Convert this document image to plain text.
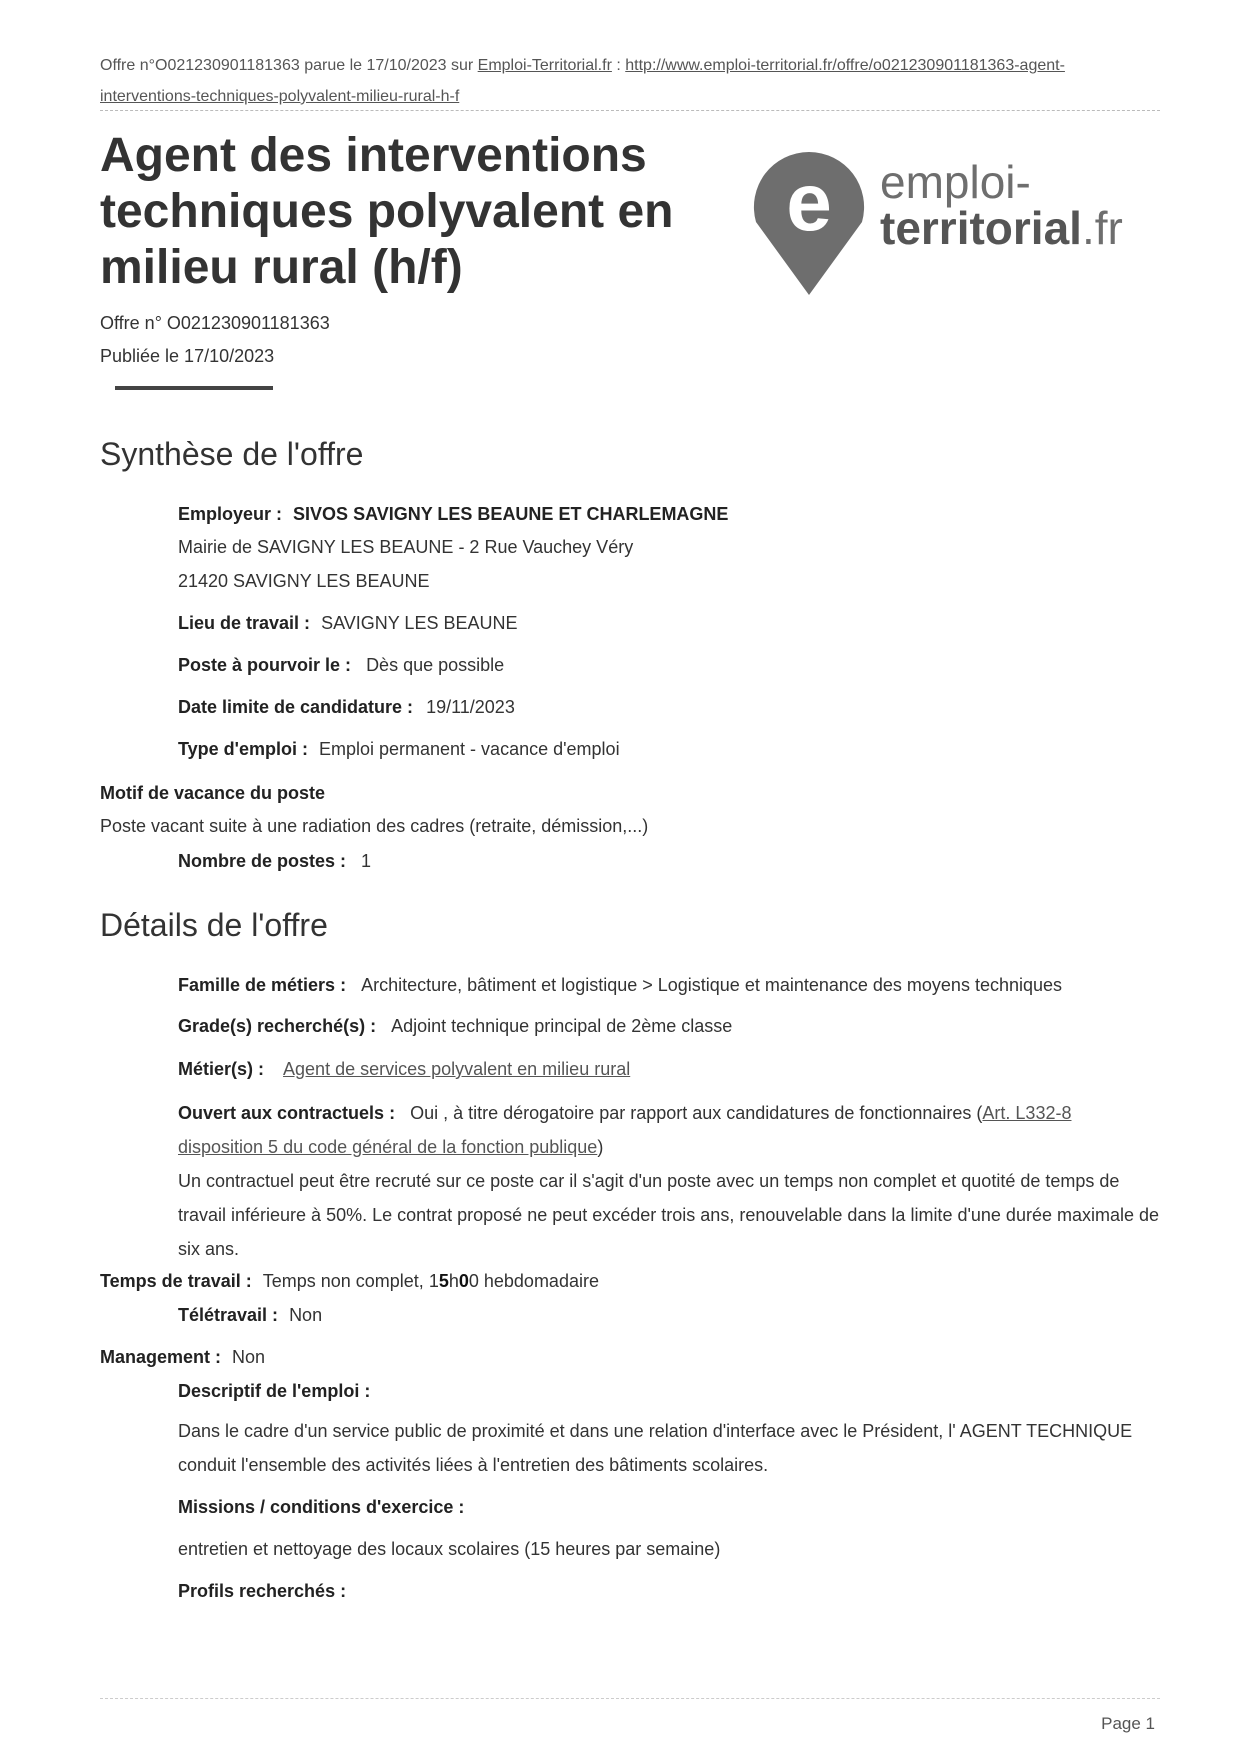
Offre n°O021230901181363 parue le 17/10/2023 sur Emploi-Territorial.fr : http://www.emploi-territorial.fr/offre/o021230901181363-agent-interventions-techniques-polyvalent-milieu-rural-h-f
Agent des interventions techniques polyvalent en milieu rural (h/f)
Offre n° O021230901181363
Publiée le 17/10/2023
e emploi-
territorial.fr
Synthèse de l'offre
Employeur : SIVOS SAVIGNY LES BEAUNE ET CHARLEMAGNE
Mairie de SAVIGNY LES BEAUNE - 2 Rue Vauchey Véry
21420 SAVIGNY LES BEAUNE
Lieu de travail : SAVIGNY LES BEAUNE
Poste à pourvoir le : Dès que possible
Date limite de candidature : 19/11/2023
Type d'emploi : Emploi permanent - vacance d'emploi
Motif de vacance du poste
Poste vacant suite à une radiation des cadres (retraite, démission,...)
Nombre de postes : 1
Détails de l'offre
Famille de métiers : Architecture, bâtiment et logistique > Logistique et maintenance des moyens techniques
Grade(s) recherché(s) : Adjoint technique principal de 2ème classe
Métier(s) : Agent de services polyvalent en milieu rural
Ouvert aux contractuels : Oui , à titre dérogatoire par rapport aux candidatures de fonctionnaires (Art. L332-8 disposition 5 du code général de la fonction publique)
Un contractuel peut être recruté sur ce poste car il s'agit d'un poste avec un temps non complet et quotité de temps de travail inférieure à 50%. Le contrat proposé ne peut excéder trois ans, renouvelable dans la limite d'une durée maximale de six ans.
Temps de travail : Temps non complet, 15h00 hebdomadaire
Télétravail : Non
Management : Non
Descriptif de l'emploi :
Dans le cadre d'un service public de proximité et dans une relation d'interface avec le Président, l' AGENT TECHNIQUE conduit l'ensemble des activités liées à l'entretien des bâtiments scolaires.
Missions / conditions d'exercice :
entretien et nettoyage des locaux scolaires (15 heures par semaine)
Profils recherchés :
Page 1
